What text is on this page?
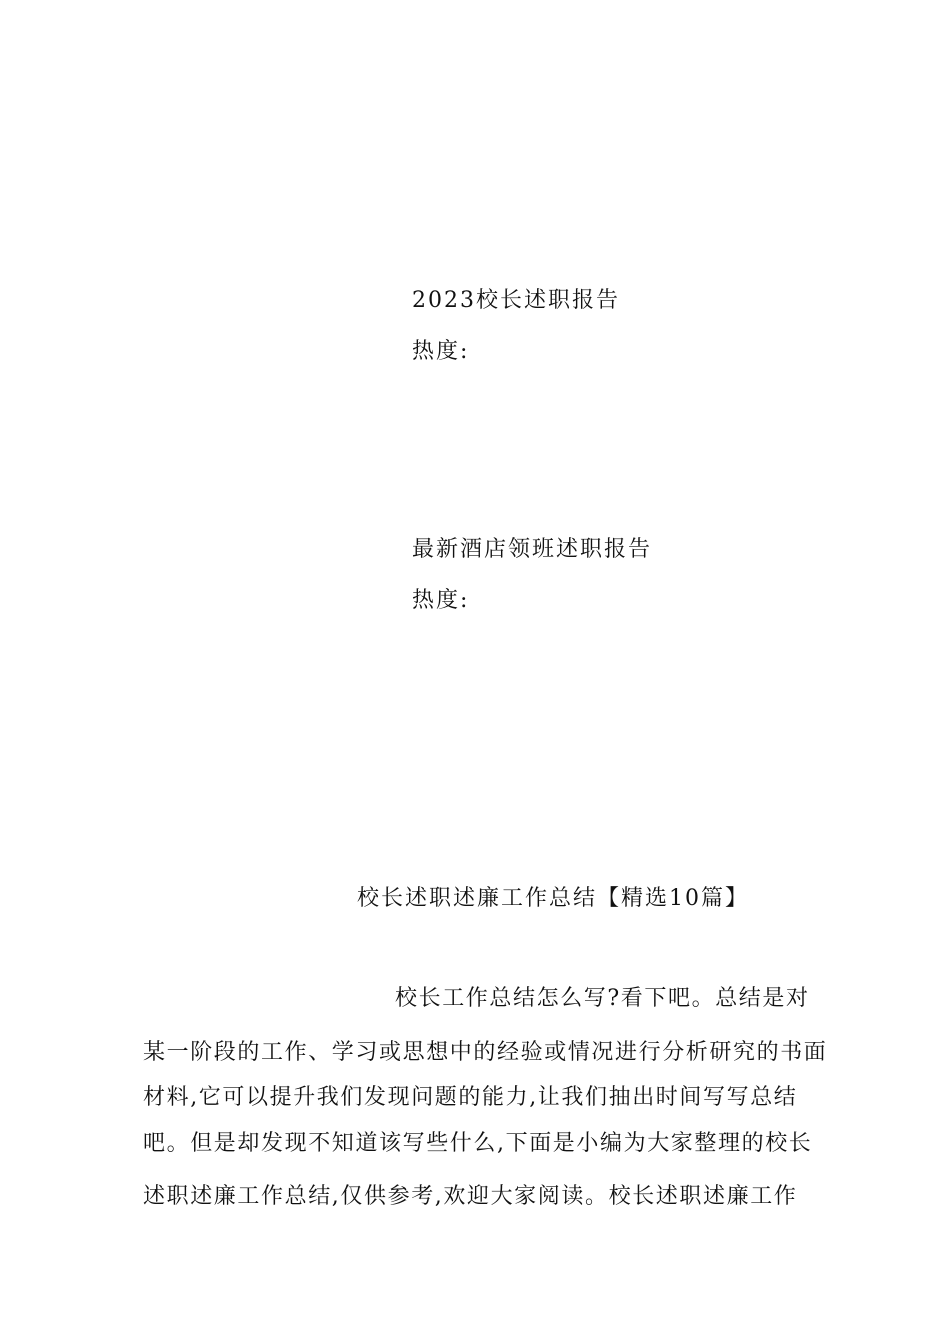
2023校长述职报告
热度:
最新酒店领班述职报告
热度:
校长述职述廉工作总结【精选10篇】
校长工作总结怎么写?看下吧。总结是对
某一阶段的工作、学习或思想中的经验或情况进行分析研究的书面
材料,它可以提升我们发现问题的能力,让我们抽出时间写写总结
吧。但是却发现不知道该写些什么,下面是小编为大家整理的校长
述职述廉工作总结,仅供参考,欢迎大家阅读。校长述职述廉工作
